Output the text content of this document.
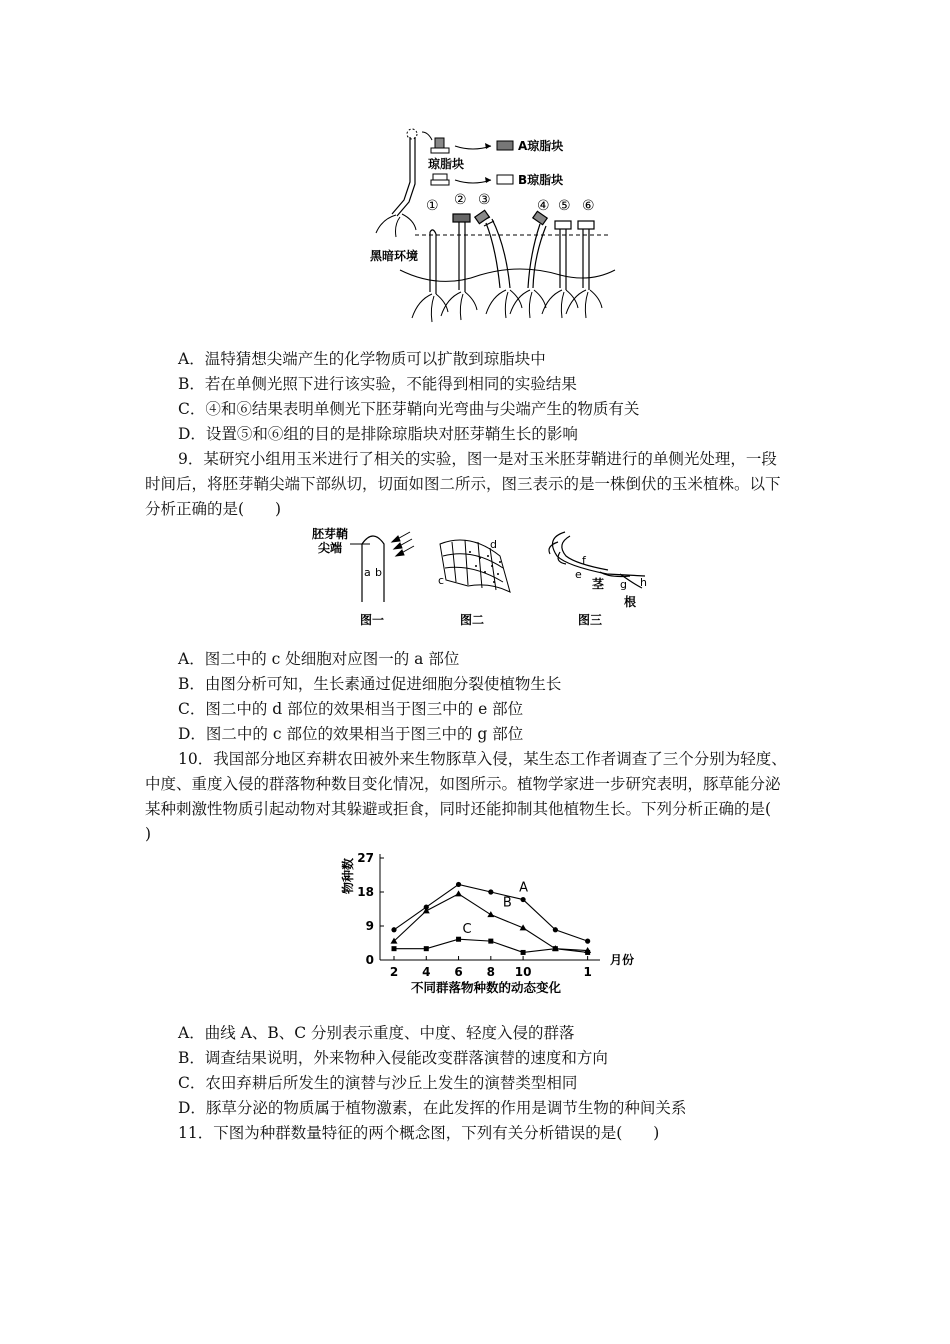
琼脂块
A琼脂块
B琼脂块
① ② ③	④ ⑤ ⑥
黑暗环境
A．温特猜想尖端产生的化学物质可以扩散到琼脂块中
B．若在单侧光照下进行该实验，不能得到相同的实验结果
C．④和⑥结果表明单侧光下胚芽鞘向光弯曲与尖端产生的物质有关
D．设置⑤和⑥组的目的是排除琼脂块对胚芽鞘生长的影响
9．某研究小组用玉米进行了相关的实验，图一是对玉米胚芽鞘进行的单侧光处理，一段
时间后，将胚芽鞘尖端下部纵切，切面如图二所示，图三表示的是一株倒伏的玉米植株。以下
分析正确的是(　　)
胚芽鞘
尖端
a b
图一
d
c
图二
f
e
茎 g h
根
图三
A．图二中的 c 处细胞对应图一的 a 部位
B．由图分析可知，生长素通过促进细胞分裂使植物生长
C．图二中的 d 部位的效果相当于图三中的 e 部位
D．图二中的 c 部位的效果相当于图三中的 g 部位
10．我国部分地区弃耕农田被外来生物豚草入侵，某生态工作者调查了三个分别为轻度、
中度、重度入侵的群落物种数目变化情况，如图所示。植物学家进一步研究表明，豚草能分泌
某种刺激性物质引起动物对其躲避或拒食，同时还能抑制其他植物生长。下列分析正确的是(
)
0
9
18
27
2 4 6 8 10	1
物种数
月份
不同群落物种数的动态变化
A
B
C
A．曲线 A、B、C 分别表示重度、中度、轻度入侵的群落
B．调查结果说明，外来物种入侵能改变群落演替的速度和方向
C．农田弃耕后所发生的演替与沙丘上发生的演替类型相同
D．豚草分泌的物质属于植物激素，在此发挥的作用是调节生物的种间关系
11．下图为种群数量特征的两个概念图，下列有关分析错误的是(　　)
